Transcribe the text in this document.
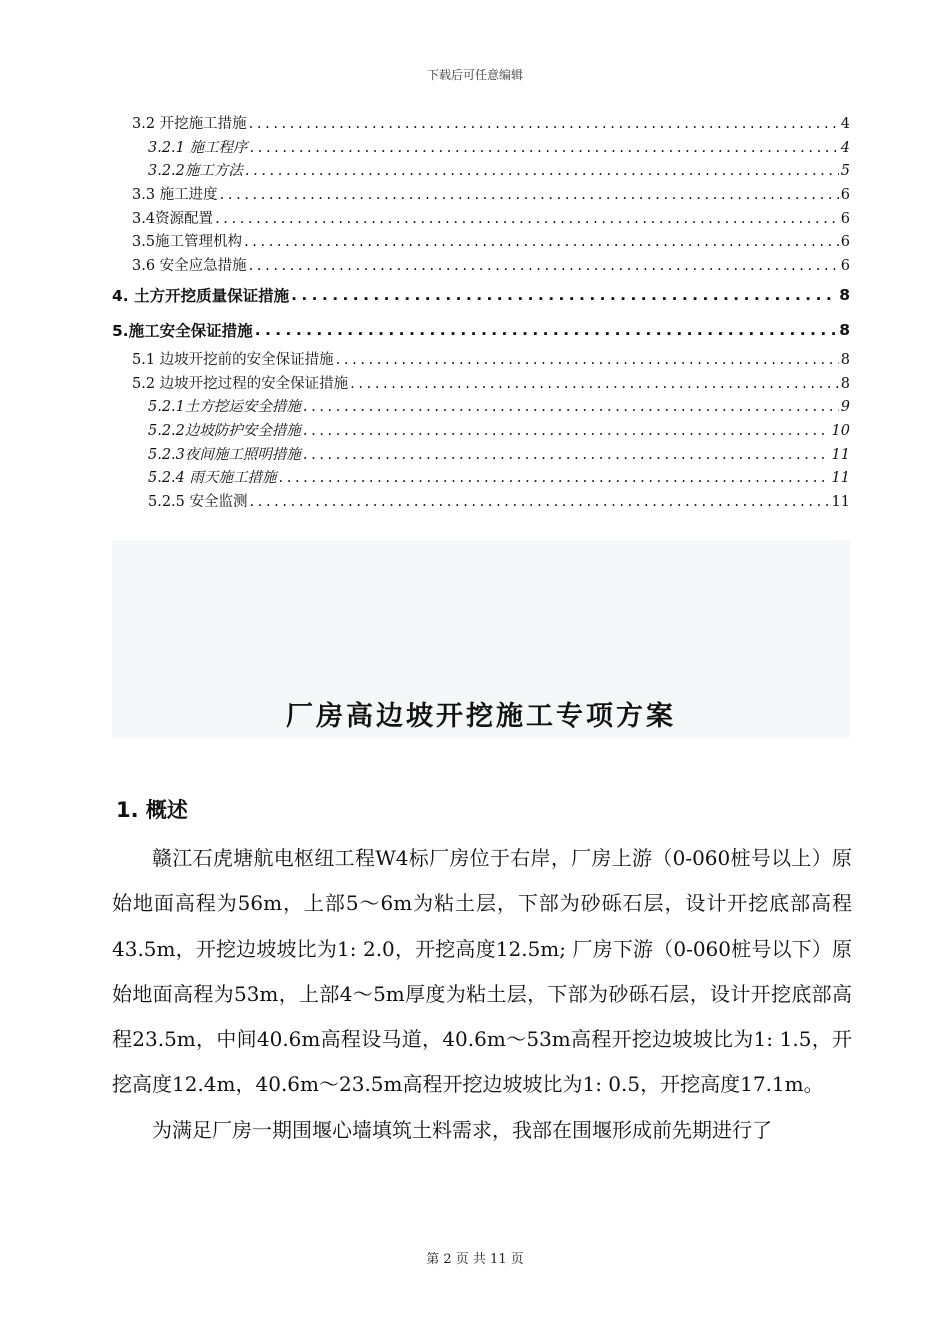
下载后可任意编辑
3.2 开挖施工措施 . . .	4
3.2.1 施工程序 . . .	4
3.2.2施工方法 . . .	5
3.3 施工进度 . . .	6
3.4资源配置 . . .	6
3.5施工管理机构 . . .	6
3.6 安全应急措施 . . .	6
4. 土方开挖质量保证措施 . . .	8
5.施工安全保证措施 . . .	8
5.1 边坡开挖前的安全保证措施 . . .	8
5.2 边坡开挖过程的安全保证措施 . . .	8
5.2.1土方挖运安全措施 . . .	9
5.2.2边坡防护安全措施 . . .	10
5.2.3夜间施工照明措施 . . .	11
5.2.4 雨天施工措施 . . .	11
5.2.5 安全监测 . . .	11
厂房高边坡开挖施工专项方案
1. 概述

赣江石虎塘航电枢纽工程W4标厂房位于右岸，厂房上游（0-060桩号以上）原始地面高程为56m，上部5～6m为粘土层，下部为砂砾石层，设计开挖底部高程43.5m，开挖边坡坡比为1: 2.0，开挖高度12.5m; 厂房下游（0-060桩号以下）原始地面高程为53m，上部4～5m厚度为粘土层，下部为砂砾石层，设计开挖底部高程23.5m，中间40.6m高程设马道，40.6m～53m高程开挖边坡坡比为1: 1.5，开挖高度12.4m，40.6m～23.5m高程开挖边坡坡比为1: 0.5，开挖高度17.1m。

为满足厂房一期围堰心墙填筑土料需求，我部在围堰形成前先期进行了

第 2 页 共 11 页
